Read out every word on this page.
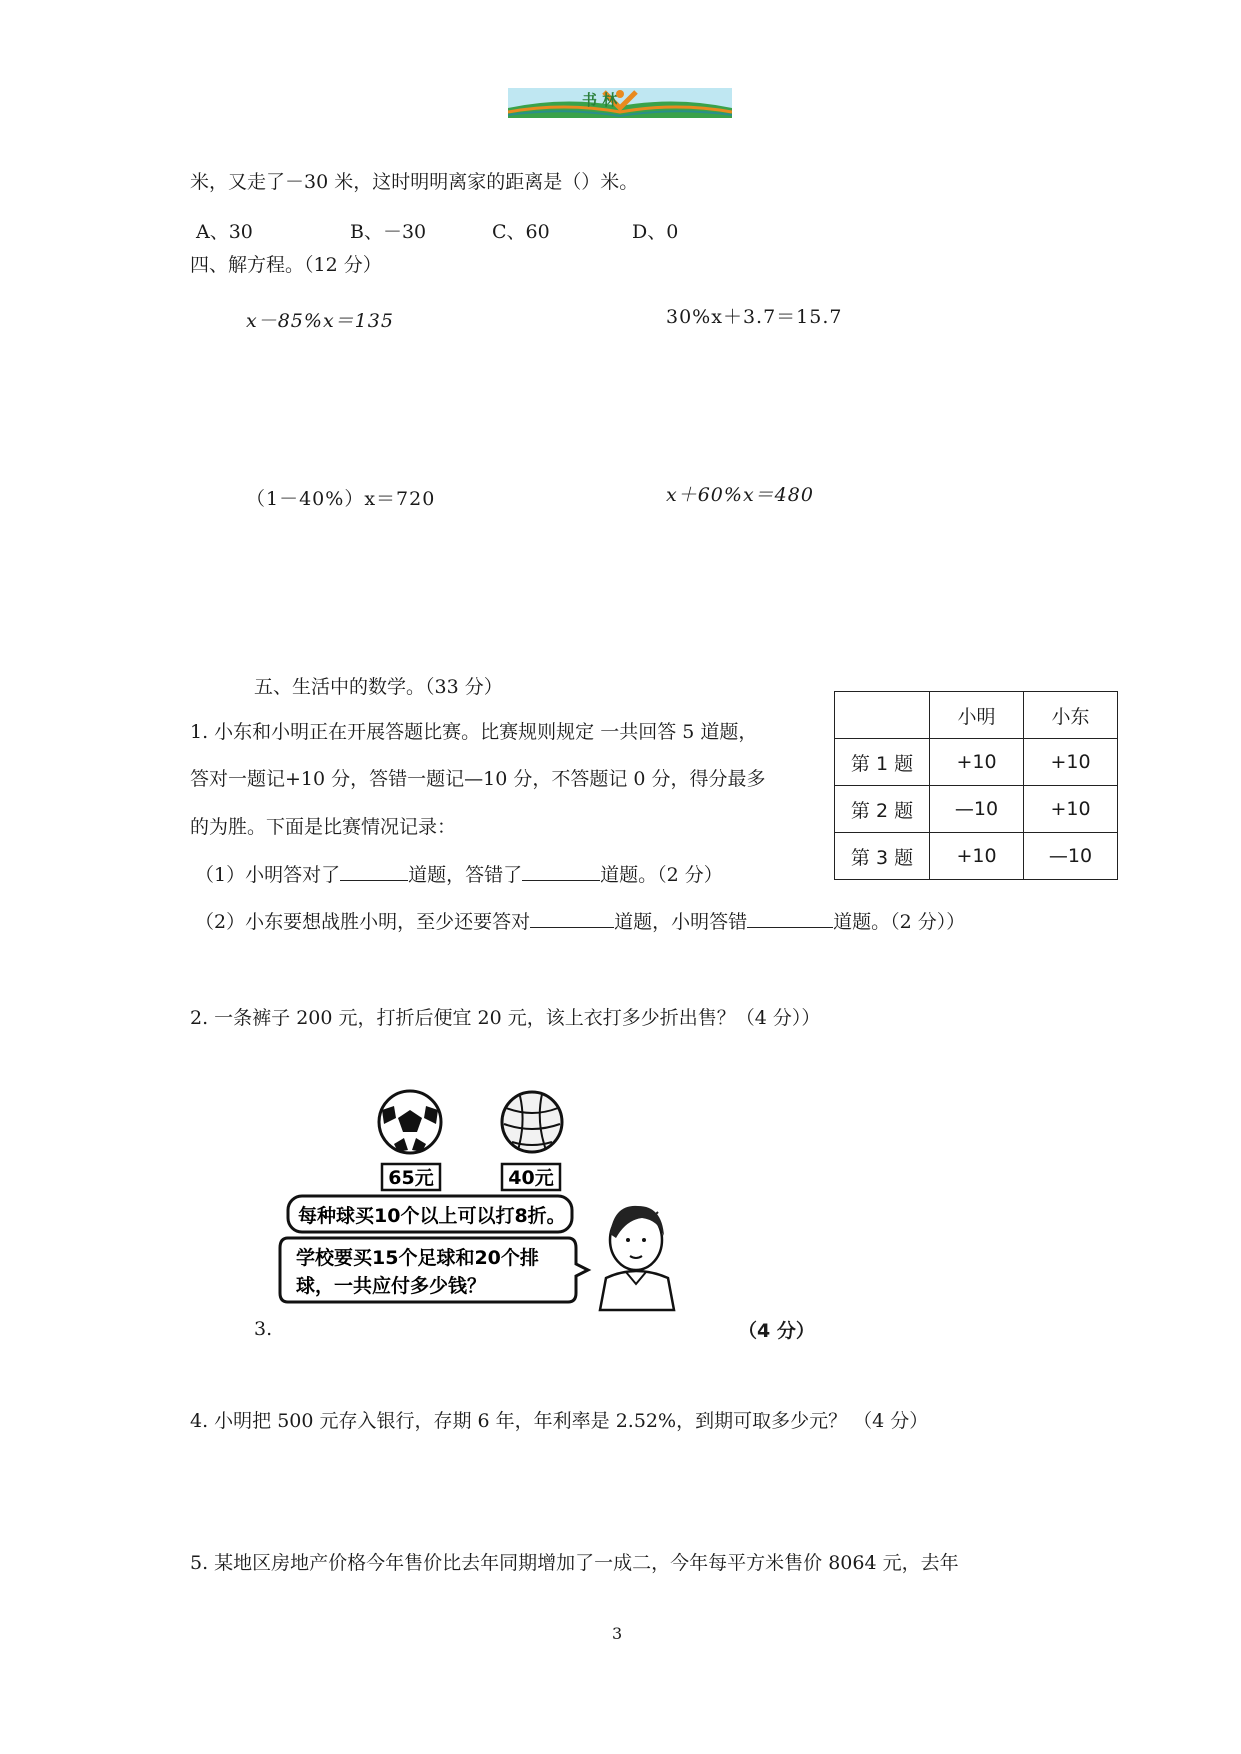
书 林
米，又走了－30 米，这时明明离家的距离是（）米。
A、30	B、－30	C、60	D、0
四、解方程。（12 分）
x－85%x＝135	30%x＋3.7＝15.7
（1－40%）x＝720	x＋60%x＝480
五、生活中的数学。（33 分）
1. 小东和小明正在开展答题比赛。比赛规则规定 一共回答 5 道题，
答对一题记+10 分，答错一题记—10 分，不答题记 0 分，得分最多
的为胜。下面是比赛情况记录：
（1）小明答对了	道题，答错了	道题。（2 分）
（2）小东要想战胜小明，至少还要答对	道题，小明答错	道题。（2 分））
	小明	小东
第 1 题	+10	+10
第 2 题	—10	+10
第 3 题	+10	—10
2. 一条裤子 200 元，打折后便宜 20 元，该上衣打多少折出售？（4 分））
65元	40元
每种球买10个以上可以打8折。
学校要买15个足球和20个排
球，一共应付多少钱？
3.	（4 分）
4. 小明把 500 元存入银行，存期 6 年，年利率是 2.52%，到期可取多少元？ （4 分）
5. 某地区房地产价格今年售价比去年同期增加了一成二，今年每平方米售价 8064 元，去年
3
